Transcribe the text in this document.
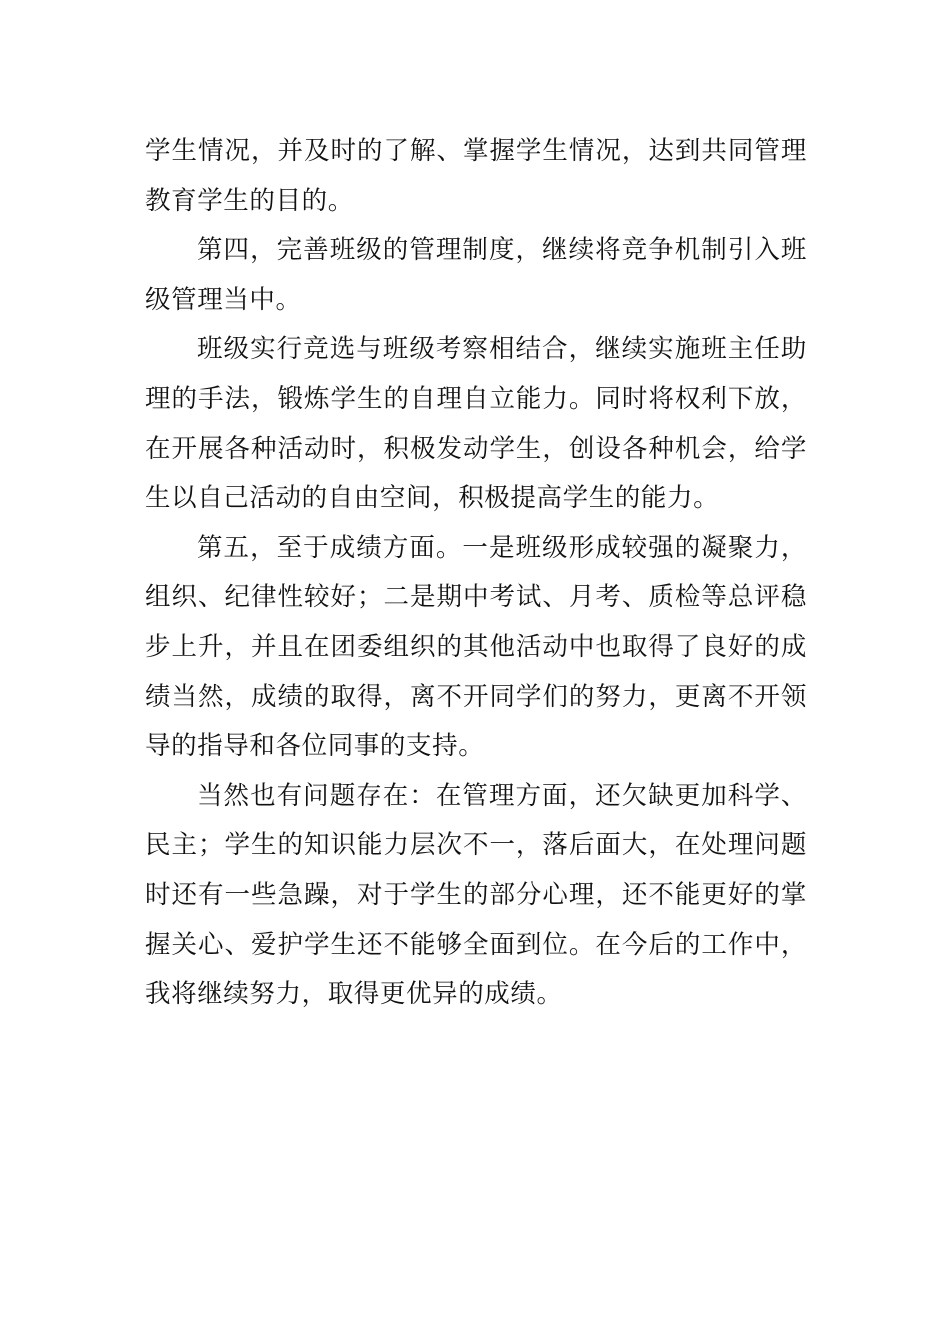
学生情况，并及时的了解、掌握学生情况，达到共同管理教育学生的目的。

第四，完善班级的管理制度，继续将竞争机制引入班级管理当中。

班级实行竞选与班级考察相结合，继续实施班主任助理的手法，锻炼学生的自理自立能力。同时将权利下放，在开展各种活动时，积极发动学生，创设各种机会，给学生以自己活动的自由空间，积极提高学生的能力。

第五，至于成绩方面。一是班级形成较强的凝聚力，组织、纪律性较好；二是期中考试、月考、质检等总评稳步上升，并且在团委组织的其他活动中也取得了良好的成绩当然，成绩的取得，离不开同学们的努力，更离不开领导的指导和各位同事的支持。

当然也有问题存在：在管理方面，还欠缺更加科学、民主；学生的知识能力层次不一，落后面大，在处理问题时还有一些急躁，对于学生的部分心理，还不能更好的掌握关心、爱护学生还不能够全面到位。在今后的工作中，我将继续努力，取得更优异的成绩。
